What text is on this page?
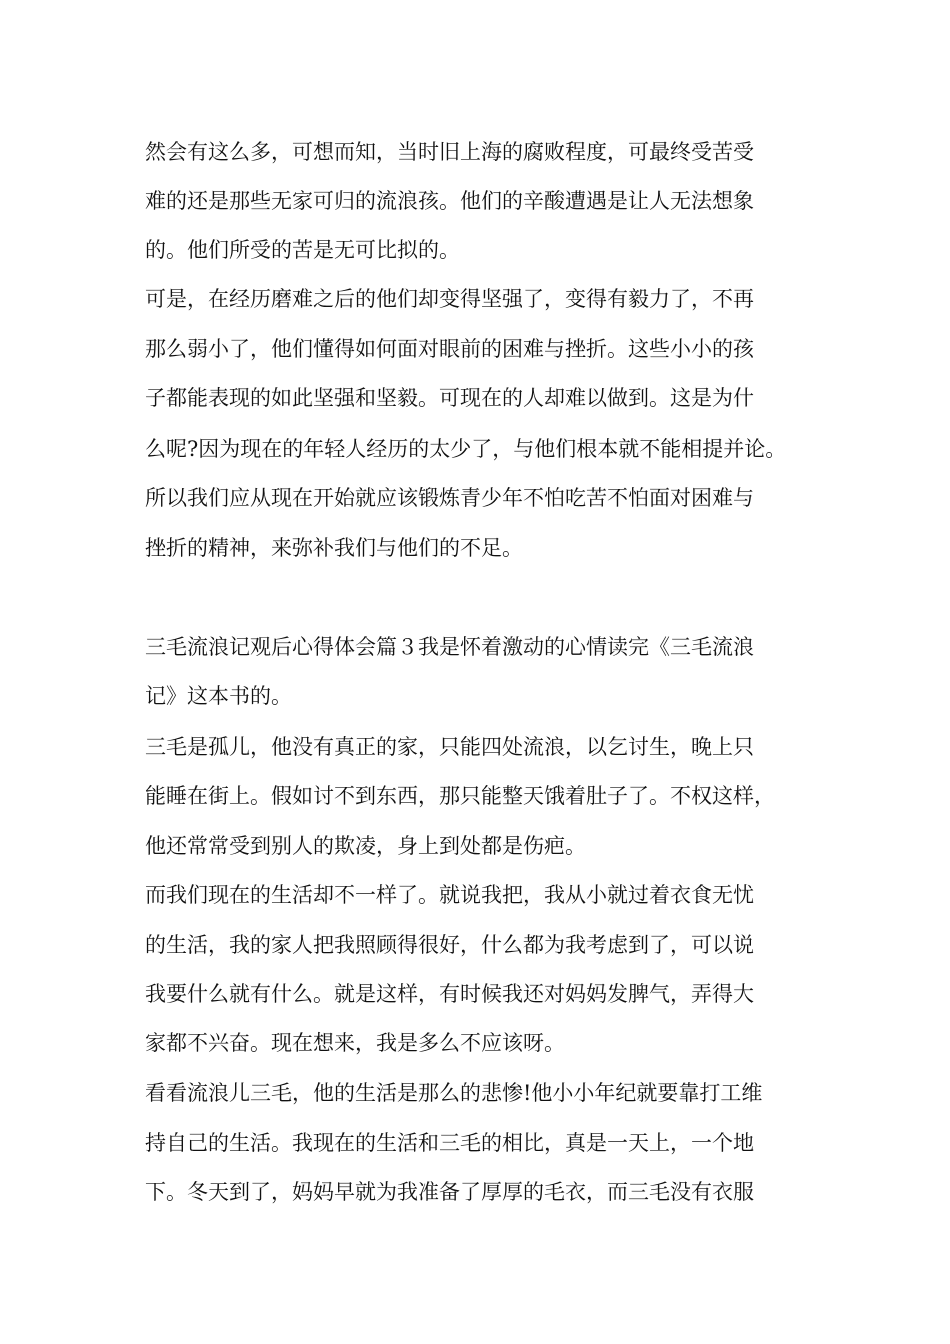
然会有这么多，可想而知，当时旧上海的腐败程度，可最终受苦受

难的还是那些无家可归的流浪孩。他们的辛酸遭遇是让人无法想象

的。他们所受的苦是无可比拟的。

可是，在经历磨难之后的他们却变得坚强了，变得有毅力了，不再

那么弱小了，他们懂得如何面对眼前的困难与挫折。这些小小的孩

子都能表现的如此坚强和坚毅。可现在的人却难以做到。这是为什

么呢?因为现在的年轻人经历的太少了，与他们根本就不能相提并论。

所以我们应从现在开始就应该锻炼青少年不怕吃苦不怕面对困难与

挫折的精神，来弥补我们与他们的不足。

三毛流浪记观后心得体会篇３我是怀着激动的心情读完《三毛流浪

记》这本书的。

三毛是孤儿，他没有真正的家，只能四处流浪，以乞讨生，晚上只

能睡在街上。假如讨不到东西，那只能整天饿着肚子了。不权这样，

他还常常受到别人的欺凌，身上到处都是伤疤。

而我们现在的生活却不一样了。就说我把，我从小就过着衣食无忧

的生活，我的家人把我照顾得很好，什么都为我考虑到了，可以说

我要什么就有什么。就是这样，有时候我还对妈妈发脾气，弄得大

家都不兴奋。现在想来，我是多么不应该呀。

看看流浪儿三毛，他的生活是那么的悲惨!他小小年纪就要靠打工维

持自己的生活。我现在的生活和三毛的相比，真是一天上，一个地

下。冬天到了，妈妈早就为我准备了厚厚的毛衣，而三毛没有衣服
